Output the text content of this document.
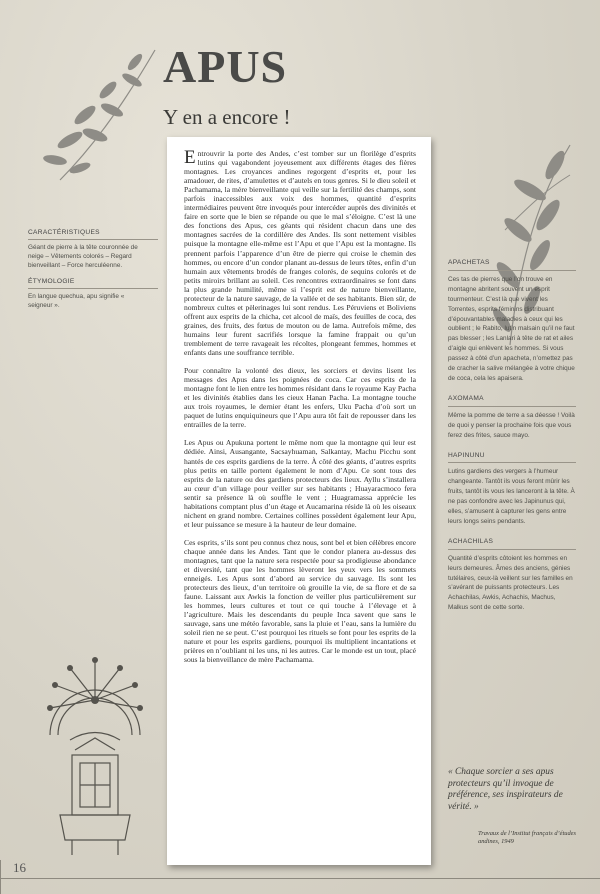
APUS
Y en a encore !
CARACTÉRISTIQUES
Géant de pierre à la tête couronnée de neige – Vêtements colorés – Regard bienveillant – Force herculéenne.
ÉTYMOLOGIE
En langue quechua, apu signifie « seigneur ».

Entrouvrir la porte des Andes, c’est tomber sur un florilège d’esprits lutins qui vagabondent joyeusement aux différents étages des fières montagnes. Les croyances andines regorgent d’esprits et, pour les amadouer, de rites, d’amulettes et d’autels en tous genres. Si le dieu soleil et Pachamama, la mère bienveillante qui veille sur la fertilité des champs, sont parfois inaccessibles aux voix des hommes, quantité d’esprits intermédiaires peuvent être invoqués pour intercéder auprès des divinités et faire en sorte que le bien se répande ou que le mal s’éloigne. C’est là une des fonctions des Apus, ces géants qui résident chacun dans une des montagnes sacrées de la cordillère des Andes. Ils sont nettement visibles puisque la montagne elle-même est l’Apu et que l’Apu est la montagne. Ils prennent parfois l’apparence d’un être de pierre qui croise le chemin des hommes, ou encore d’un condor planant au-dessus de leurs têtes, enfin d’un humain aux vêtements brodés de franges colorés, de sequins colorés et de petits miroirs brillant au soleil. Ces rencontres extraordinaires se font dans la plus grande humilité, même si l’esprit est de nature bienveillante, protecteur de la nature sauvage, de la vallée et de ses habitants. Bien sûr, de nombreux cultes et pèlerinages lui sont rendus. Les Péruviens et Boliviens offrent aux esprits de la chicha, cet alcool de maïs, des feuilles de coca, des graines, des fruits, des fœtus de mouton ou de lama. Autrefois même, des humains leur furent sacrifiés lorsque la famine frappait ou qu’un tremblement de terre ravageait les récoltes, plongeant femmes, hommes et enfants dans une souffrance terrible.

Pour connaître la volonté des dieux, les sorciers et devins lisent les messages des Apus dans les poignées de coca. Car ces esprits de la montagne font le lien entre les hommes résidant dans le royaume Kay Pacha et les divinités établies dans les cieux Hanan Pacha. La montagne touche aux trois royaumes, le dernier étant les enfers, Uku Pacha d’où sort un paquet de lutins enquiquineurs que l’Apu aura tôt fait de repousser dans les entrailles de la terre.

Les Apus ou Apukuna portent le même nom que la montagne qui leur est dédiée. Ainsi, Ausangante, Sacsayhuaman, Salkantay, Machu Picchu sont hantés de ces esprits gardiens de la terre. À côté des géants, d’autres esprits plus petits en taille portent également le nom d’Apu. Ce sont tous des esprits de la nature ou des gardiens protecteurs des lieux. Ayllu s’installera au cœur d’un village pour veiller sur ses habitants ; Huayaracmoco fera sentir sa présence là où souffle le vent ; Huagramassa apprécie les habitations comptant plus d’un étage et Aucamarina réside là où les oiseaux nichent en grand nombre. Certaines collines possèdent également leur Apu, et leur puissance se mesure à la hauteur de leur domaine.

Ces esprits, s’ils sont peu connus chez nous, sont bel et bien célèbres encore chaque année dans les Andes. Tant que le condor planera au-dessus des montagnes, tant que la nature sera respectée pour sa prodigieuse abondance et diversité, tant que les hommes lèveront les yeux vers les sommets enneigés. Les Apus sont d’abord au service du sauvage. Ils sont les protecteurs des lieux, d’un territoire où grouille la vie, de sa flore et de sa faune. Laissant aux Awkis la fonction de veiller plus particulièrement sur les hommes, leurs cultures et tout ce qui touche à l’élevage et à l’agriculture. Mais les descendants du peuple Inca savent que sans le sauvage, sans une météo favorable, sans la pluie et l’eau, sans la lumière du soleil rien ne se peut. C’est pourquoi les rituels se font pour les esprits de la nature et pour les esprits gardiens, pourquoi ils multiplient incantations et prières en n’oubliant ni les uns, ni les autres. Car le monde est un tout, placé sous la bienveillance de mère Pachamama.

APACHETAS
Ces tas de pierres que l’on trouve en montagne abritent souvent un esprit tourmenteur. C’est là que vivent les Torrentes, esprits féminins distribuant d’épouvantables maladies à ceux qui les oublient ; le Rabito, lutin malsain qu’il ne faut pas blesser ; les Lanlari à tête de rat et ailes d’aigle qui enlèvent les hommes. Si vous passez à côté d’un apacheta, n’omettez pas de cracher la salive mélangée à votre chique de coca, cela les apaisera.
AXOMAMA
Même la pomme de terre a sa déesse ! Voilà de quoi y penser la prochaine fois que vous ferez des frites, sauce mayo.
HAPINUNU
Lutins gardiens des vergers à l’humeur changeante. Tantôt ils vous feront mûrir les fruits, tantôt ils vous les lanceront à la tête. À ne pas confondre avec les Japinunus qui, elles, s’amusent à capturer les gens entre leurs longs seins pendants.
ACHACHILAS
Quantité d’esprits côtoient les hommes en leurs demeures. Âmes des anciens, génies tutélaires, ceux-là veillent sur les familles en s’avérant de puissants protecteurs. Les Achachilas, Awkis, Achachis, Machus, Malkus sont de cette sorte.
« Chaque sorcier a ses apus protecteurs qu’il invoque de préférence, ses inspirateurs de vérité. »
Travaux de l’Institut français d’études andines, 1949
16
